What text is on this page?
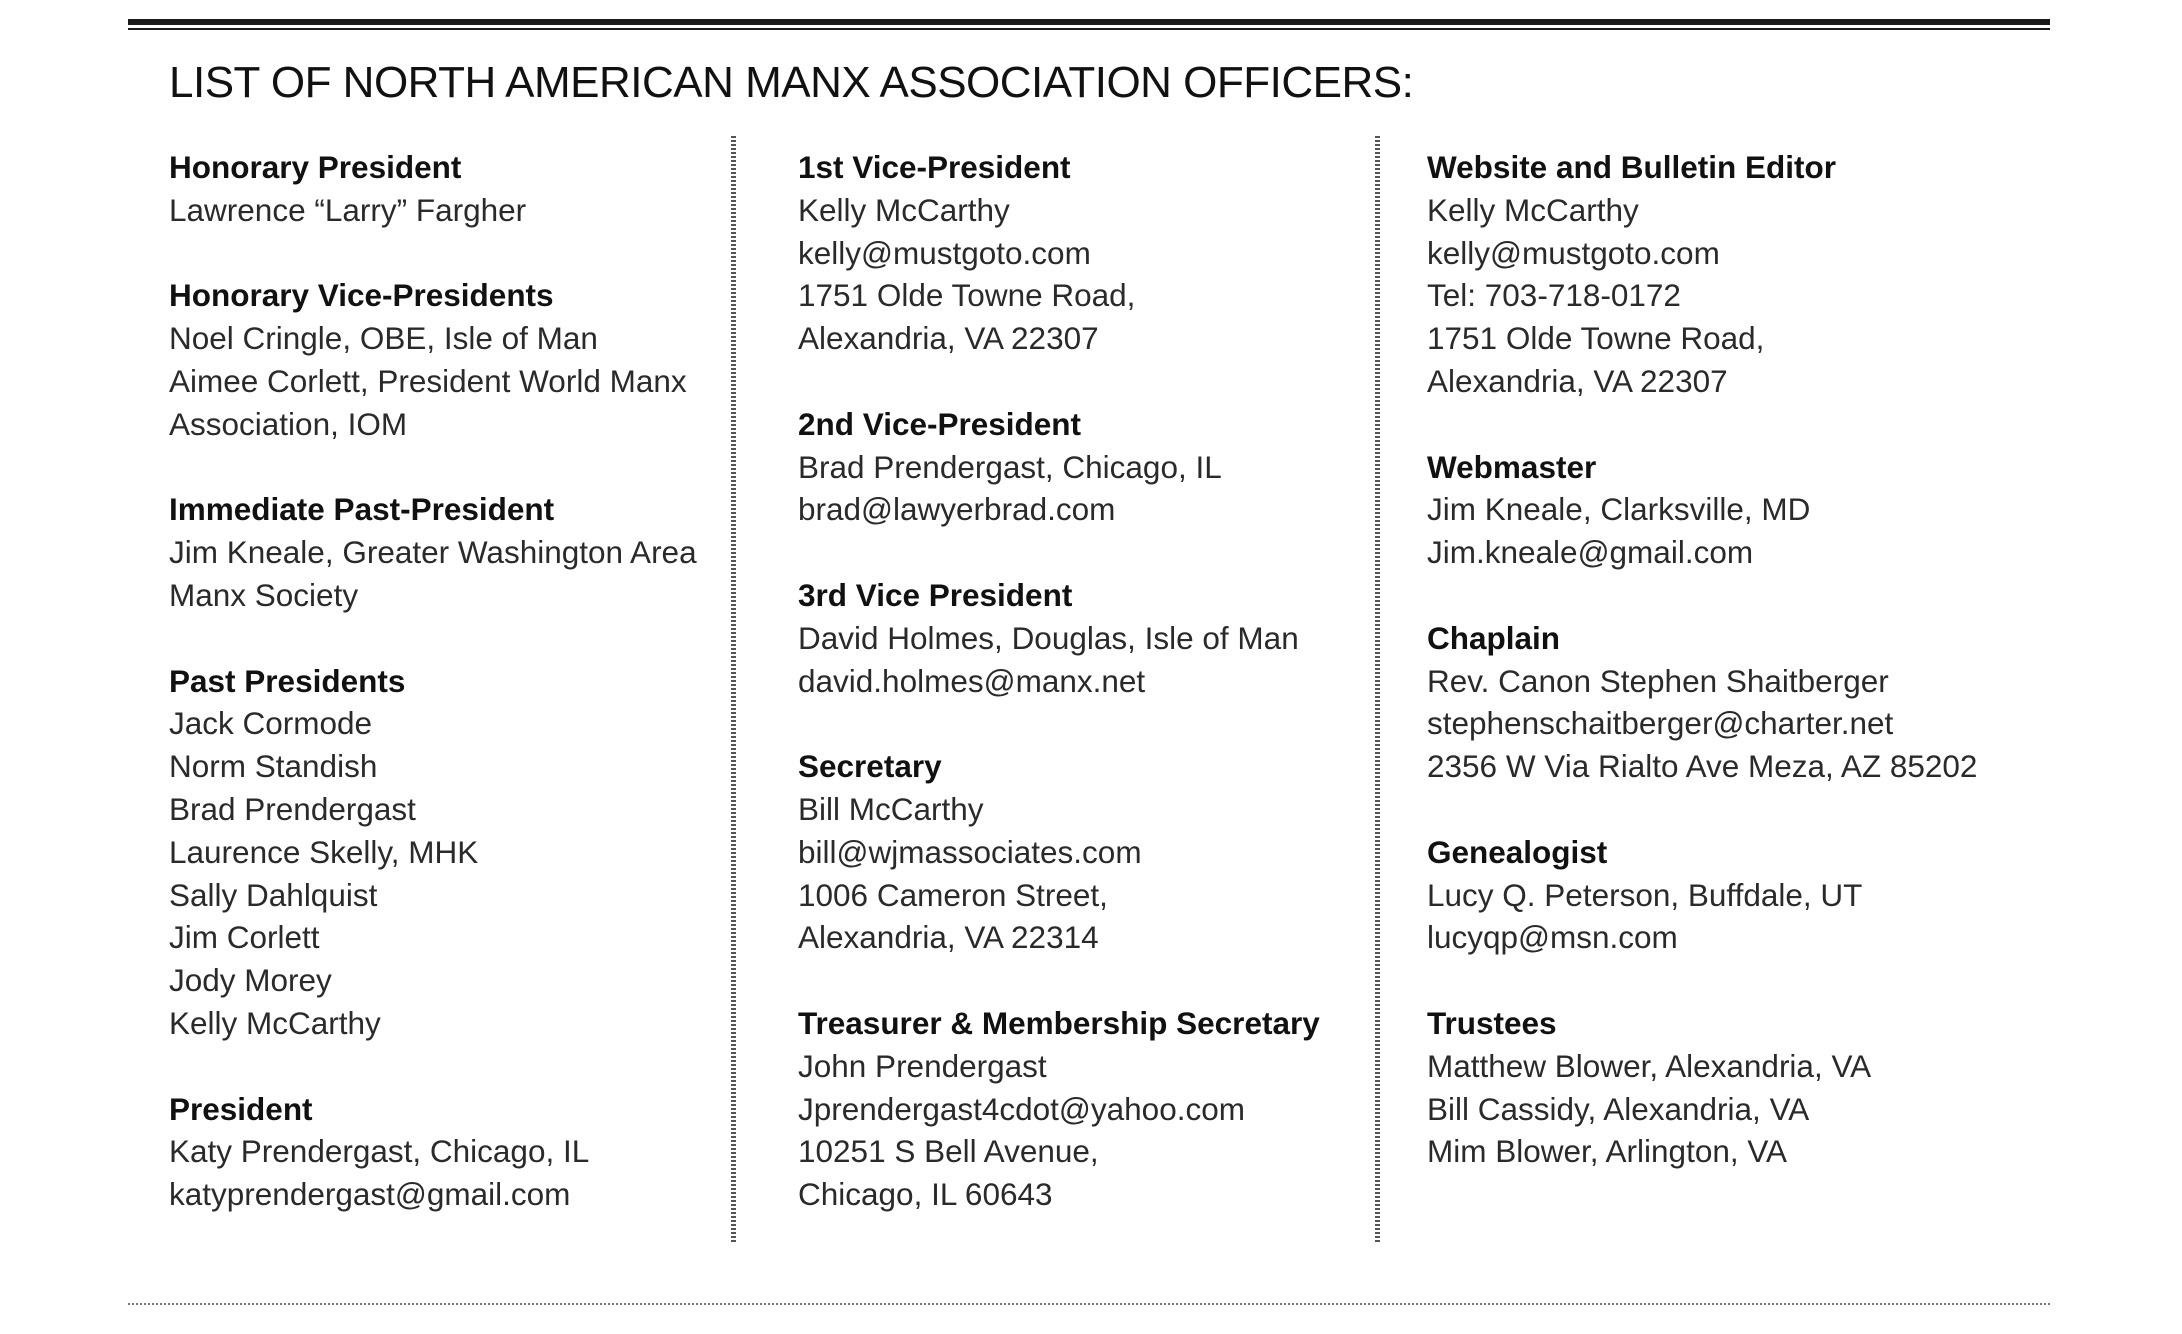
LIST OF NORTH AMERICAN MANX ASSOCIATION OFFICERS:
Honorary President
Lawrence “Larry” Fargher
Honorary Vice-Presidents
Noel Cringle, OBE, Isle of Man
Aimee Corlett, President World Manx
Association, IOM
Immediate Past-President
Jim Kneale, Greater Washington Area
Manx Society
Past Presidents
Jack Cormode
Norm Standish
Brad Prendergast
Laurence Skelly, MHK
Sally Dahlquist
Jim Corlett
Jody Morey
Kelly McCarthy
President
Katy Prendergast, Chicago, IL
katyprendergast@gmail.com
1st Vice-President
Kelly McCarthy
kelly@mustgoto.com
1751 Olde Towne Road,
Alexandria, VA 22307
2nd Vice-President
Brad Prendergast, Chicago, IL
brad@lawyerbrad.com
3rd Vice President
David Holmes, Douglas, Isle of Man
david.holmes@manx.net
Secretary
Bill McCarthy
bill@wjmassociates.com
1006 Cameron Street,
Alexandria, VA 22314
Treasurer & Membership Secretary
John Prendergast
Jprendergast4cdot@yahoo.com
10251 S Bell Avenue,
Chicago, IL 60643
Website and Bulletin Editor
Kelly McCarthy
kelly@mustgoto.com
Tel: 703-718-0172
1751 Olde Towne Road,
Alexandria, VA 22307
Webmaster
Jim Kneale, Clarksville, MD
Jim.kneale@gmail.com
Chaplain
Rev. Canon Stephen Shaitberger
stephenschaitberger@charter.net
2356 W Via Rialto Ave Meza, AZ 85202
Genealogist
Lucy Q. Peterson, Buffdale, UT
lucyqp@msn.com
Trustees
Matthew Blower, Alexandria, VA
Bill Cassidy, Alexandria, VA
Mim Blower, Arlington, VA
